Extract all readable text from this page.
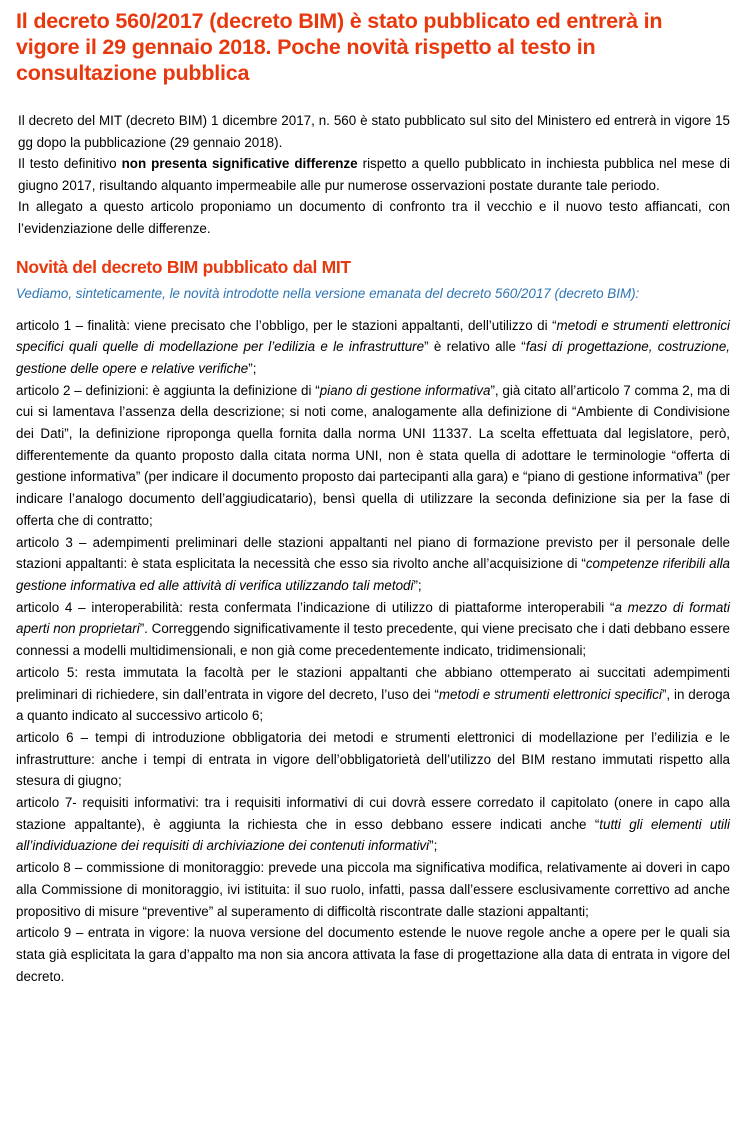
Il decreto 560/2017 (decreto BIM) è stato pubblicato ed entrerà in vigore il 29 gennaio 2018. Poche novità rispetto al testo in consultazione pubblica

Il decreto del MIT (decreto BIM) 1 dicembre 2017, n. 560 è stato pubblicato sul sito del Ministero ed entrerà in vigore 15 gg dopo la pubblicazione (29 gennaio 2018).

Il testo definitivo non presenta significative differenze rispetto a quello pubblicato in inchiesta pubblica nel mese di giugno 2017, risultando alquanto impermeabile alle pur numerose osservazioni postate durante tale periodo.

In allegato a questo articolo proponiamo un documento di confronto tra il vecchio e il nuovo testo affiancati, con l’evidenziazione delle differenze.

Novità del decreto BIM pubblicato dal MIT
Vediamo, sinteticamente, le novità introdotte nella versione emanata del decreto 560/2017 (decreto BIM):

articolo 1 – finalità: viene precisato che l’obbligo, per le stazioni appaltanti, dell’utilizzo di “metodi e strumenti elettronici specifici quali quelle di modellazione per l’edilizia e le infrastrutture” è relativo alle “fasi di progettazione, costruzione, gestione delle opere e relative verifiche”;

articolo 2 – definizioni: è aggiunta la definizione di “piano di gestione informativa”, già citato all’articolo 7 comma 2, ma di cui si lamentava l’assenza della descrizione; si noti come, analogamente alla definizione di “Ambiente di Condivisione dei Dati”, la definizione riproponga quella fornita dalla norma UNI 11337. La scelta effettuata dal legislatore, però, differentemente da quanto proposto dalla citata norma UNI, non è stata quella di adottare le terminologie “offerta di gestione informativa” (per indicare il documento proposto dai partecipanti alla gara) e “piano di gestione informativa” (per indicare l’analogo documento dell’aggiudicatario), bensì quella di utilizzare la seconda definizione sia per la fase di offerta che di contratto;

articolo 3 – adempimenti preliminari delle stazioni appaltanti nel piano di formazione previsto per il personale delle stazioni appaltanti: è stata esplicitata la necessità che esso sia rivolto anche all’acquisizione di “competenze riferibili alla gestione informativa ed alle attività di verifica utilizzando tali metodi”;

articolo 4 – interoperabilità: resta confermata l’indicazione di utilizzo di piattaforme interoperabili “a mezzo di formati aperti non proprietari”. Correggendo significativamente il testo precedente, qui viene precisato che i dati debbano essere connessi a modelli multidimensionali, e non già come precedentemente indicato, tridimensionali;

articolo 5: resta immutata la facoltà per le stazioni appaltanti che abbiano ottemperato ai succitati adempimenti preliminari di richiedere, sin dall’entrata in vigore del decreto, l’uso dei “metodi e strumenti elettronici specifici”, in deroga a quanto indicato al successivo articolo 6;

articolo 6 – tempi di introduzione obbligatoria dei metodi e strumenti elettronici di modellazione per l’edilizia e le infrastrutture: anche i tempi di entrata in vigore dell’obbligatorietà dell’utilizzo del BIM restano immutati rispetto alla stesura di giugno;

articolo 7- requisiti informativi: tra i requisiti informativi di cui dovrà essere corredato il capitolato (onere in capo alla stazione appaltante), è aggiunta la richiesta che in esso debbano essere indicati anche “tutti gli elementi utili all’individuazione dei requisiti di archiviazione dei contenuti informativi”;

articolo 8 – commissione di monitoraggio: prevede una piccola ma significativa modifica, relativamente ai doveri in capo alla Commissione di monitoraggio, ivi istituita: il suo ruolo, infatti, passa dall’essere esclusivamente correttivo ad anche propositivo di misure “preventive” al superamento di difficoltà riscontrate dalle stazioni appaltanti;

articolo 9 – entrata in vigore: la nuova versione del documento estende le nuove regole anche a opere per le quali sia stata già esplicitata la gara d’appalto ma non sia ancora attivata la fase di progettazione alla data di entrata in vigore del decreto.
